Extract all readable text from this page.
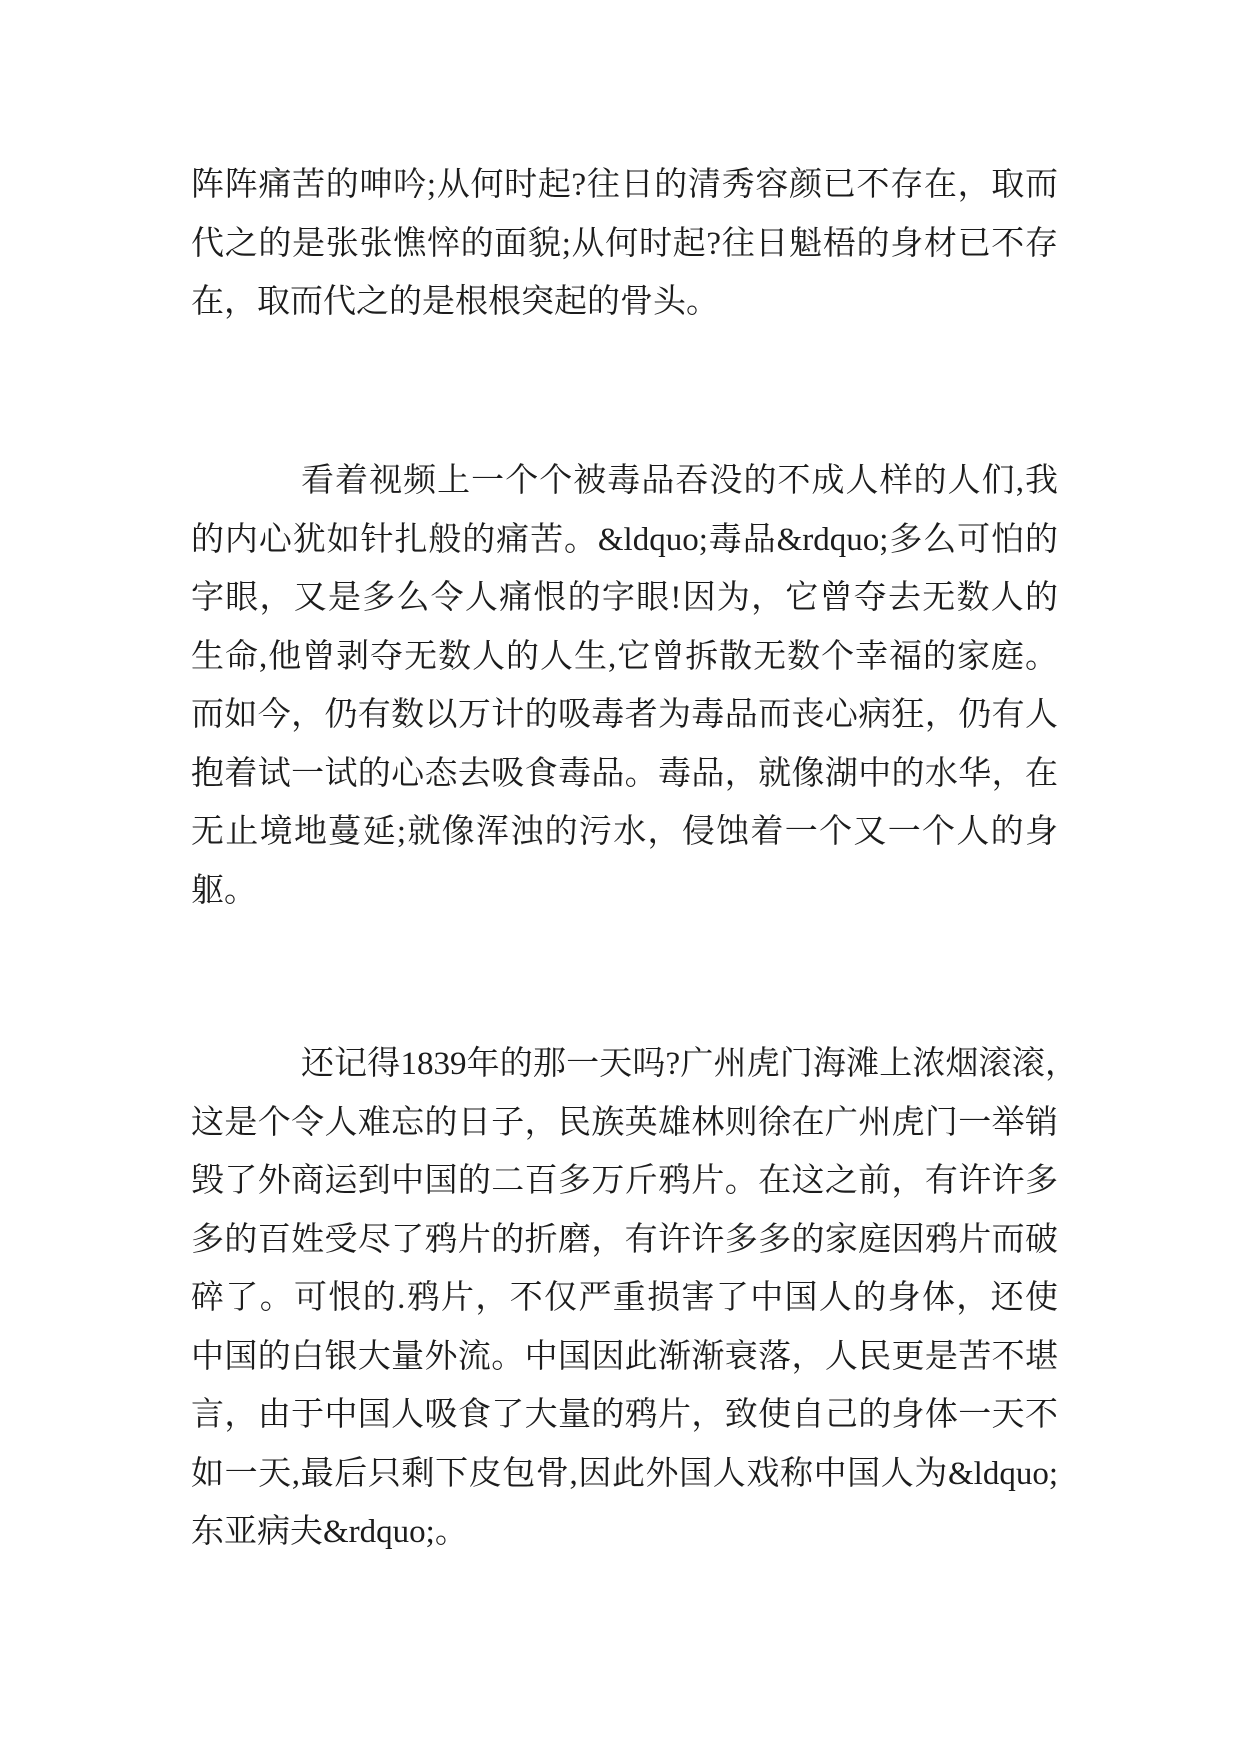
阵阵痛苦的呻吟;从何时起?往日的清秀容颜已不存在，取而
代之的是张张憔悴的面貌;从何时起?往日魁梧的身材已不存
在，取而代之的是根根突起的骨头。
看着视频上一个个被毒品吞没的不成人样的人们,我
的内心犹如针扎般的痛苦。&ldquo;毒品&rdquo;多么可怕的
字眼，又是多么令人痛恨的字眼!因为，它曾夺去无数人的
生命,他曾剥夺无数人的人生,它曾拆散无数个幸福的家庭。
而如今，仍有数以万计的吸毒者为毒品而丧心病狂，仍有人
抱着试一试的心态去吸食毒品。毒品，就像湖中的水华，在
无止境地蔓延;就像浑浊的污水，侵蚀着一个又一个人的身
躯。
还记得1839年的那一天吗?广州虎门海滩上浓烟滚滚，
这是个令人难忘的日子，民族英雄林则徐在广州虎门一举销
毁了外商运到中国的二百多万斤鸦片。在这之前，有许许多
多的百姓受尽了鸦片的折磨，有许许多多的家庭因鸦片而破
碎了。可恨的.鸦片，不仅严重损害了中国人的身体，还使
中国的白银大量外流。中国因此渐渐衰落，人民更是苦不堪
言，由于中国人吸食了大量的鸦片，致使自己的身体一天不
如一天,最后只剩下皮包骨,因此外国人戏称中国人为&ldquo;
东亚病夫&rdquo;。
